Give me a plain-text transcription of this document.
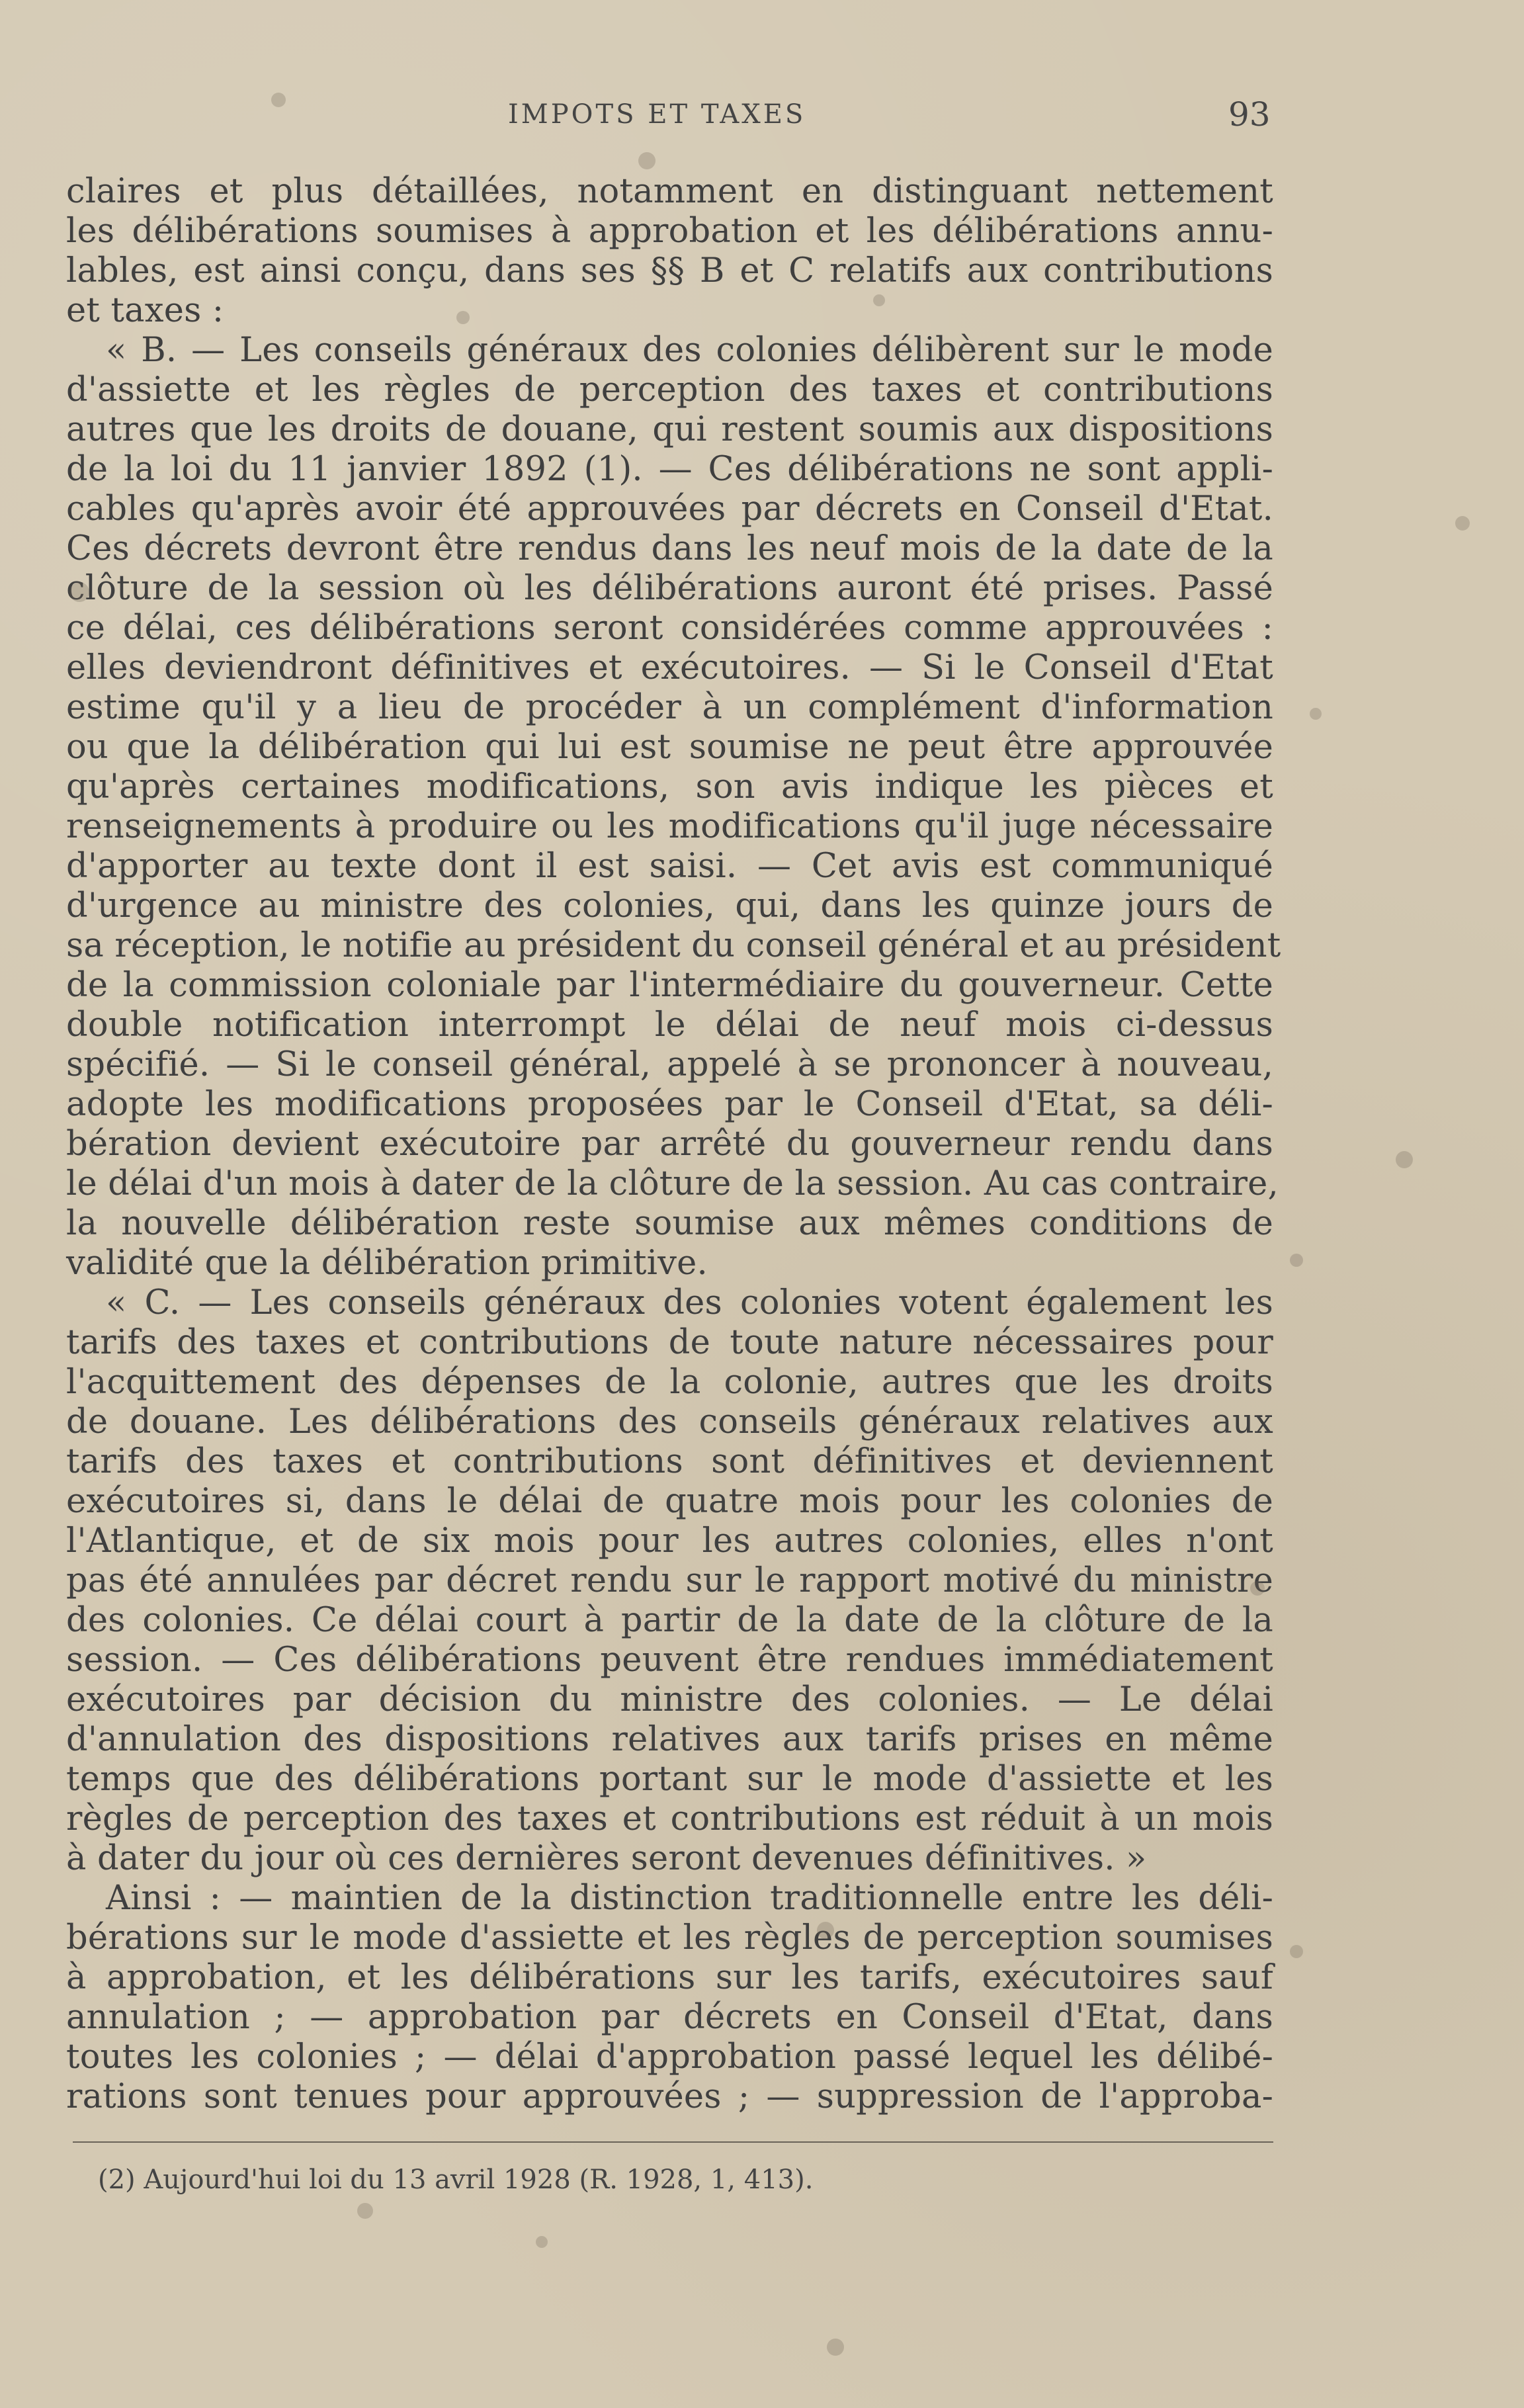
IMPOTS ET TAXES	93
claires et plus détaillées, notamment en distinguant nettement
les délibérations soumises à approbation et les délibérations annu-
lables, est ainsi conçu, dans ses §§ B et C relatifs aux contributions
et taxes :
« B. — Les conseils généraux des colonies délibèrent sur le mode
d'assiette et les règles de perception des taxes et contributions
autres que les droits de douane, qui restent soumis aux dispositions
de la loi du 11 janvier 1892 (1). — Ces délibérations ne sont appli-
cables qu'après avoir été approuvées par décrets en Conseil d'Etat.
Ces décrets devront être rendus dans les neuf mois de la date de la
clôture de la session où les délibérations auront été prises. Passé
ce délai, ces délibérations seront considérées comme approuvées :
elles deviendront définitives et exécutoires. — Si le Conseil d'Etat
estime qu'il y a lieu de procéder à un complément d'information
ou que la délibération qui lui est soumise ne peut être approuvée
qu'après certaines modifications, son avis indique les pièces et
renseignements à produire ou les modifications qu'il juge nécessaire
d'apporter au texte dont il est saisi. — Cet avis est communiqué
d'urgence au ministre des colonies, qui, dans les quinze jours de
sa réception, le notifie au président du conseil général et au président
de la commission coloniale par l'intermédiaire du gouverneur. Cette
double notification interrompt le délai de neuf mois ci-dessus
spécifié. — Si le conseil général, appelé à se prononcer à nouveau,
adopte les modifications proposées par le Conseil d'Etat, sa déli-
bération devient exécutoire par arrêté du gouverneur rendu dans
le délai d'un mois à dater de la clôture de la session. Au cas contraire,
la nouvelle délibération reste soumise aux mêmes conditions de
validité que la délibération primitive.
« C. — Les conseils généraux des colonies votent également les
tarifs des taxes et contributions de toute nature nécessaires pour
l'acquittement des dépenses de la colonie, autres que les droits
de douane. Les délibérations des conseils généraux relatives aux
tarifs des taxes et contributions sont définitives et deviennent
exécutoires si, dans le délai de quatre mois pour les colonies de
l'Atlantique, et de six mois pour les autres colonies, elles n'ont
pas été annulées par décret rendu sur le rapport motivé du ministre
des colonies. Ce délai court à partir de la date de la clôture de la
session. — Ces délibérations peuvent être rendues immédiatement
exécutoires par décision du ministre des colonies. — Le délai
d'annulation des dispositions relatives aux tarifs prises en même
temps que des délibérations portant sur le mode d'assiette et les
règles de perception des taxes et contributions est réduit à un mois
à dater du jour où ces dernières seront devenues définitives. »
Ainsi : — maintien de la distinction traditionnelle entre les déli-
bérations sur le mode d'assiette et les règles de perception soumises
à approbation, et les délibérations sur les tarifs, exécutoires sauf
annulation ; — approbation par décrets en Conseil d'Etat, dans
toutes les colonies ; — délai d'approbation passé lequel les délibé-
rations sont tenues pour approuvées ; — suppression de l'approba-
(2) Aujourd'hui loi du 13 avril 1928 (R. 1928, 1, 413).
